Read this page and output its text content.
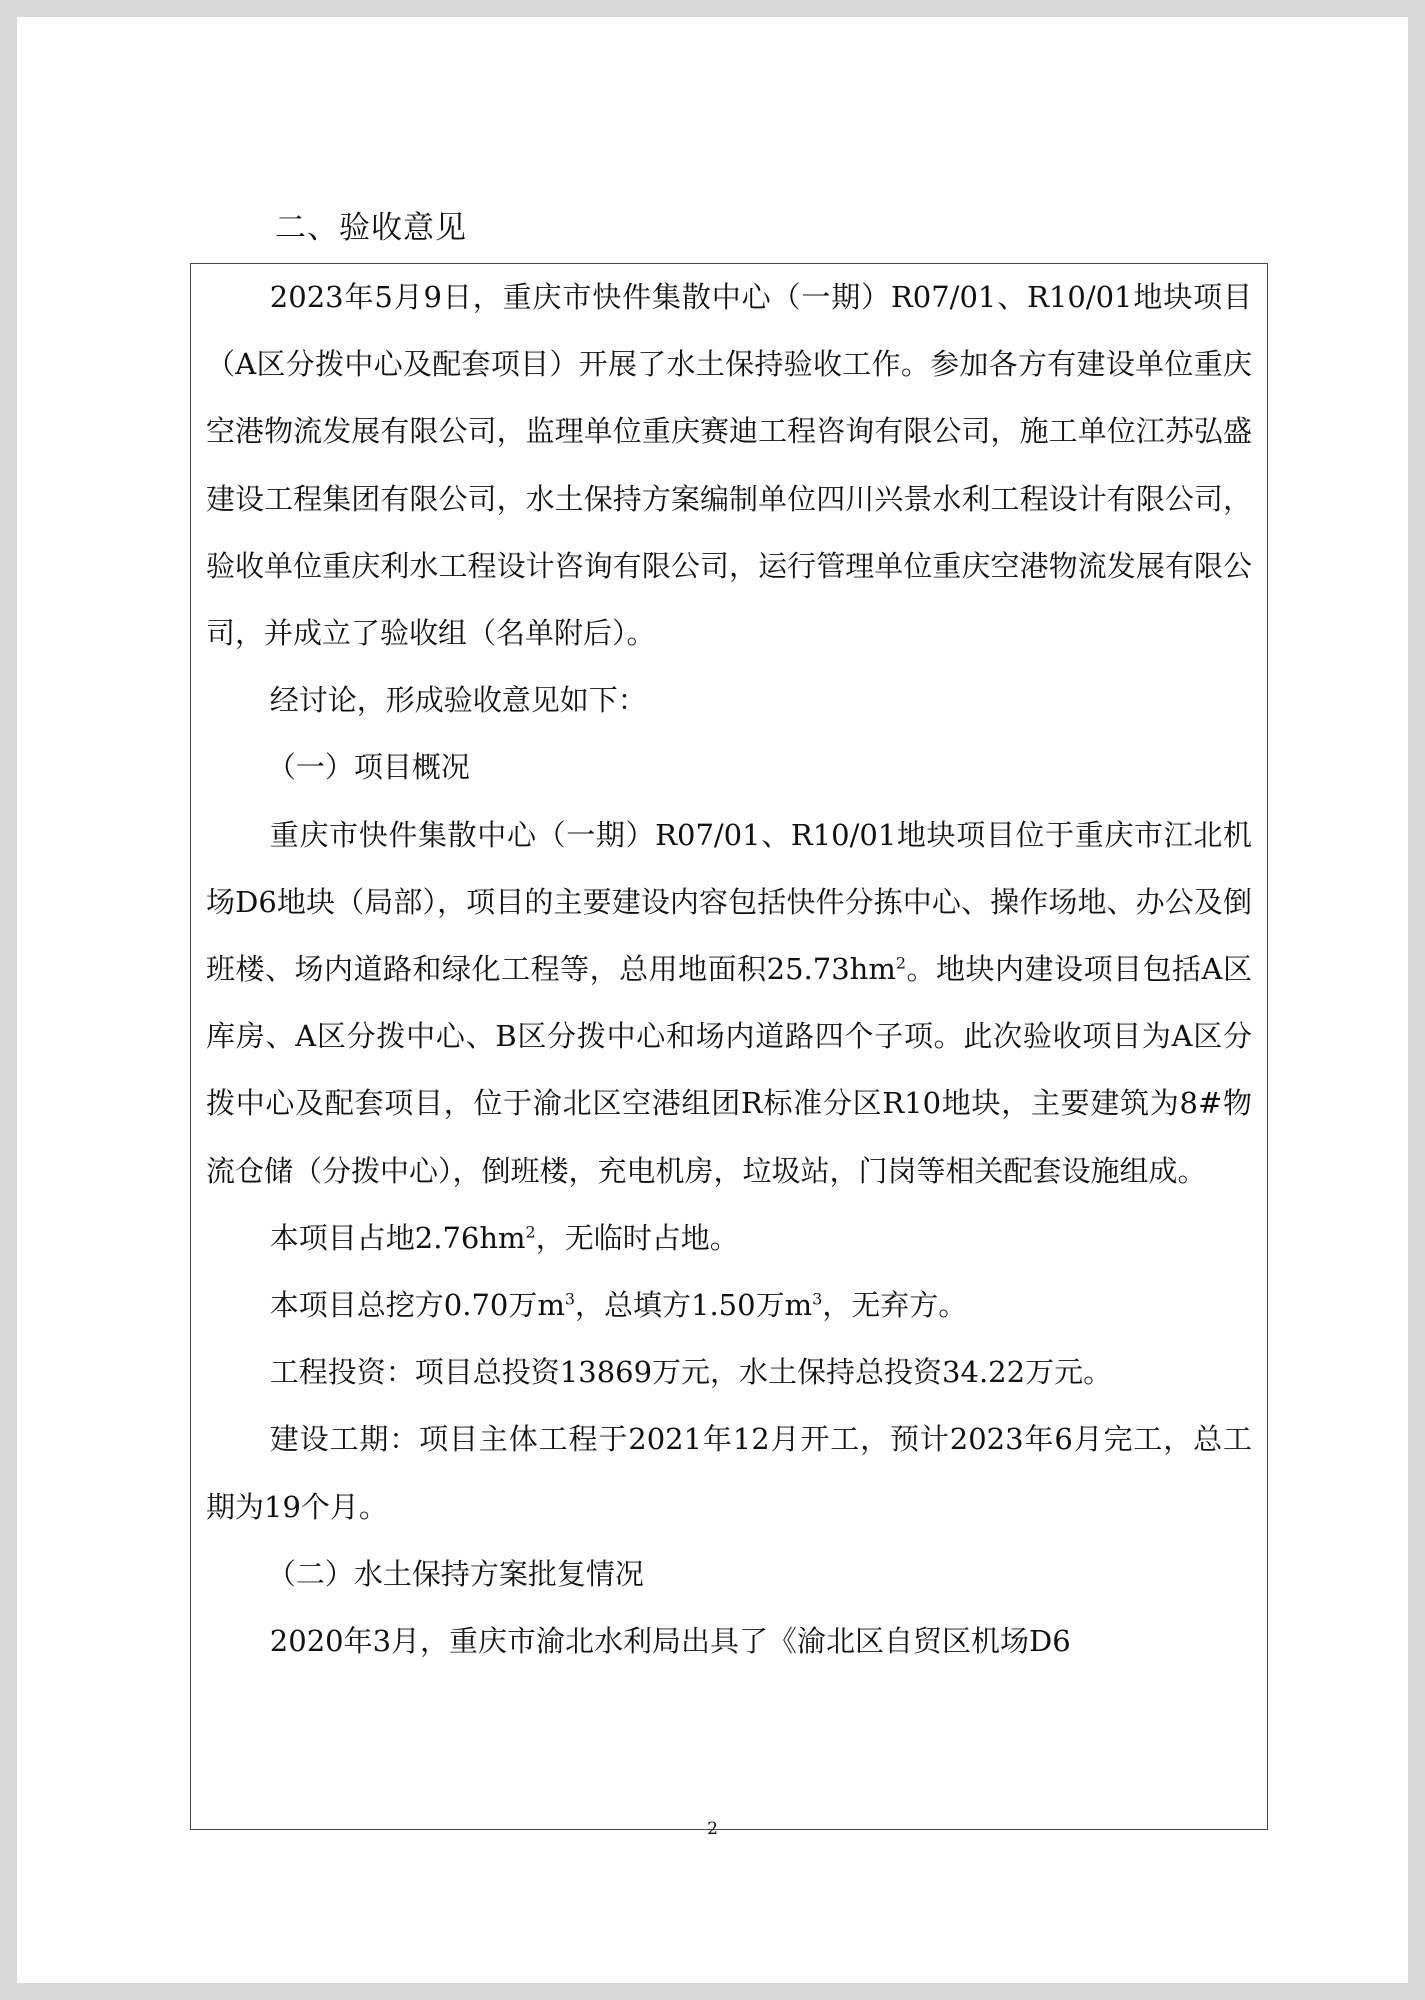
二、验收意见

2023年5月9日，重庆市快件集散中心（一期）R07/01、R10/01地块项目（A区分拨中心及配套项目）开展了水土保持验收工作。参加各方有建设单位重庆空港物流发展有限公司，监理单位重庆赛迪工程咨询有限公司，施工单位江苏弘盛建设工程集团有限公司，水土保持方案编制单位四川兴景水利工程设计有限公司，验收单位重庆利水工程设计咨询有限公司，运行管理单位重庆空港物流发展有限公司，并成立了验收组（名单附后）。

经讨论，形成验收意见如下：

（一）项目概况

重庆市快件集散中心（一期）R07/01、R10/01地块项目位于重庆市江北机场D6地块（局部），项目的主要建设内容包括快件分拣中心、操作场地、办公及倒班楼、场内道路和绿化工程等，总用地面积$25.73hm^2$。地块内建设项目包括A区库房、A区分拨中心、B区分拨中心和场内道路四个子项。此次验收项目为A区分拨中心及配套项目，位于渝北区空港组团R标准分区R10地块，主要建筑为8#物流仓储（分拨中心），倒班楼，充电机房，垃圾站，门岗等相关配套设施组成。

本项目占地$2.76hm^2$，无临时占地。

本项目总挖方0.70万$m^3$，总填方1.50万$m^3$，无弃方。

工程投资：项目总投资13869万元，水土保持总投资34.22万元。

建设工期：项目主体工程于2021年12月开工，预计2023年6月完工，总工期为19个月。

（二）水土保持方案批复情况

2020年3月，重庆市渝北水利局出具了《渝北区自贸区机场D6

2
